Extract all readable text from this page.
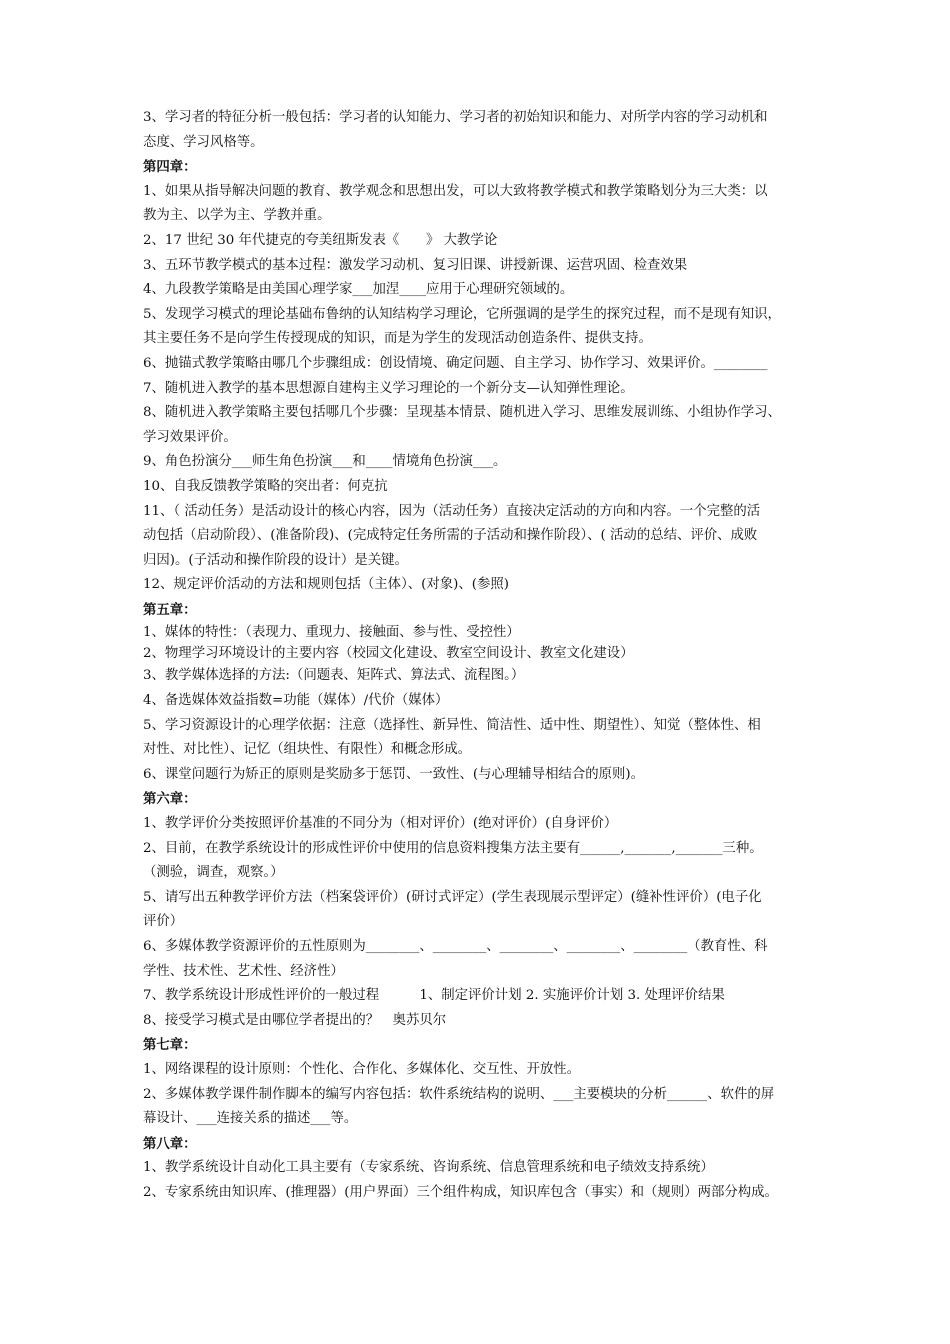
3、学习者的特征分析一般包括：学习者的认知能力、学习者的初始知识和能力、对所学内容的学习动机和
态度、学习风格等。
第四章：
1、如果从指导解决问题的教育、教学观念和思想出发，可以大致将教学模式和教学策略划分为三大类：以
教为主、以学为主、学教并重。
2、17 世纪 30 年代捷克的夸美纽斯发表《　　》 大教学论
3、五环节教学模式的基本过程：激发学习动机、复习旧课、讲授新课、运营巩固、检查效果
4、九段教学策略是由美国心理学家___加涅____应用于心理研究领域的。
5、发现学习模式的理论基础布鲁纳的认知结构学习理论，它所强调的是学生的探究过程，而不是现有知识，
其主要任务不是向学生传授现成的知识，而是为学生的发现活动创造条件、提供支持。
6、抛锚式教学策略由哪几个步骤组成：创设情境、确定问题、自主学习、协作学习、效果评价。________
7、随机进入教学的基本思想源自建构主义学习理论的一个新分支—认知弹性理论。
8、随机进入教学策略主要包括哪几个步骤：呈现基本情景、随机进入学习、思维发展训练、小组协作学习、
学习效果评价。
9、角色扮演分___师生角色扮演___和____情境角色扮演___。
10、自我反馈教学策略的突出者：何克抗
11、（ 活动任务）是活动设计的核心内容，因为（活动任务）直接决定活动的方向和内容。一个完整的活
动包括（启动阶段）、(准备阶段)、(完成特定任务所需的子活动和操作阶段）、( 活动的总结、评价、成败
归因)。(子活动和操作阶段的设计）是关键。
12、规定评价活动的方法和规则包括（主体）、(对象)、(参照)
第五章：
1、媒体的特性：（表现力、重现力、接触面、参与性、受控性）
2、物理学习环境设计的主要内容（校园文化建设、教室空间设计、教室文化建设）
3、教学媒体选择的方法:（问题表、矩阵式、算法式、流程图。）
4、备选媒体效益指数=功能（媒体）/代价（媒体）
5、学习资源设计的心理学依据：注意（选择性、新异性、简洁性、适中性、期望性）、知觉（整体性、相
对性、对比性）、记忆（组块性、有限性）和概念形成。
6、课堂问题行为矫正的原则是奖励多于惩罚、一致性、(与心理辅导相结合的原则)。
第六章：
1、教学评价分类按照评价基准的不同分为（相对评价）(绝对评价）(自身评价）
2、目前，在教学系统设计的形成性评价中使用的信息资料搜集方法主要有______,_______,_______三种。
（测验，调查，观察。）
5、请写出五种教学评价方法（档案袋评价）(研讨式评定）(学生表现展示型评定）(缝补性评价）(电子化
评价）
6、多媒体教学资源评价的五性原则为________、________、________、________、________（教育性、科
学性、技术性、艺术性、经济性）
7、教学系统设计形成性评价的一般过程　　　1、制定评价计划 2. 实施评价计划 3. 处理评价结果
8、接受学习模式是由哪位学者提出的？　奥苏贝尔
第七章：
1、网络课程的设计原则：个性化、合作化、多媒体化、交互性、开放性。
2、多媒体教学课件制作脚本的编写内容包括：软件系统结构的说明、___主要模块的分析______、软件的屏
幕设计、___连接关系的描述___等。
第八章：
1、教学系统设计自动化工具主要有（专家系统、咨询系统、信息管理系统和电子绩效支持系统）
2、专家系统由知识库、(推理器）(用户界面）三个组件构成，知识库包含（事实）和（规则）两部分构成。
